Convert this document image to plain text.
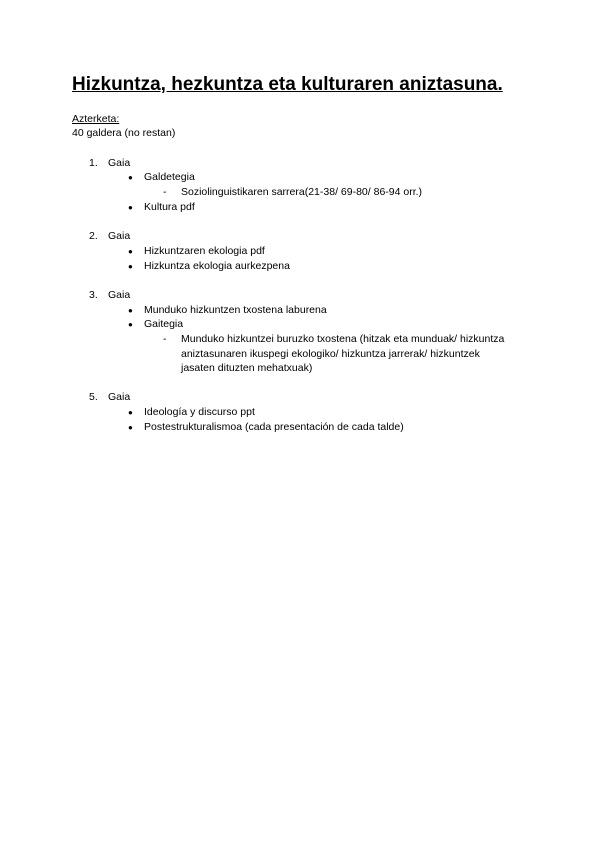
Hizkuntza, hezkuntza eta kulturaren aniztasuna.
Azterketa:
40 galdera (no restan)
1. Gaia
● Galdetegia
- Soziolinguistikaren sarrera(21-38/ 69-80/ 86-94 orr.)
● Kultura pdf
2. Gaia
● Hizkuntzaren ekologia pdf
● Hizkuntza ekologia aurkezpena
3. Gaia
● Munduko hizkuntzen txostena laburena
● Gaitegia
- Munduko hizkuntzei buruzko txostena (hitzak eta munduak/ hizkuntza
aniztasunaren ikuspegi ekologiko/ hizkuntza jarrerak/ hizkuntzek
jasaten dituzten mehatxuak)
5. Gaia
● Ideología y discurso ppt
● Postestrukturalismoa (cada presentación de cada talde)
